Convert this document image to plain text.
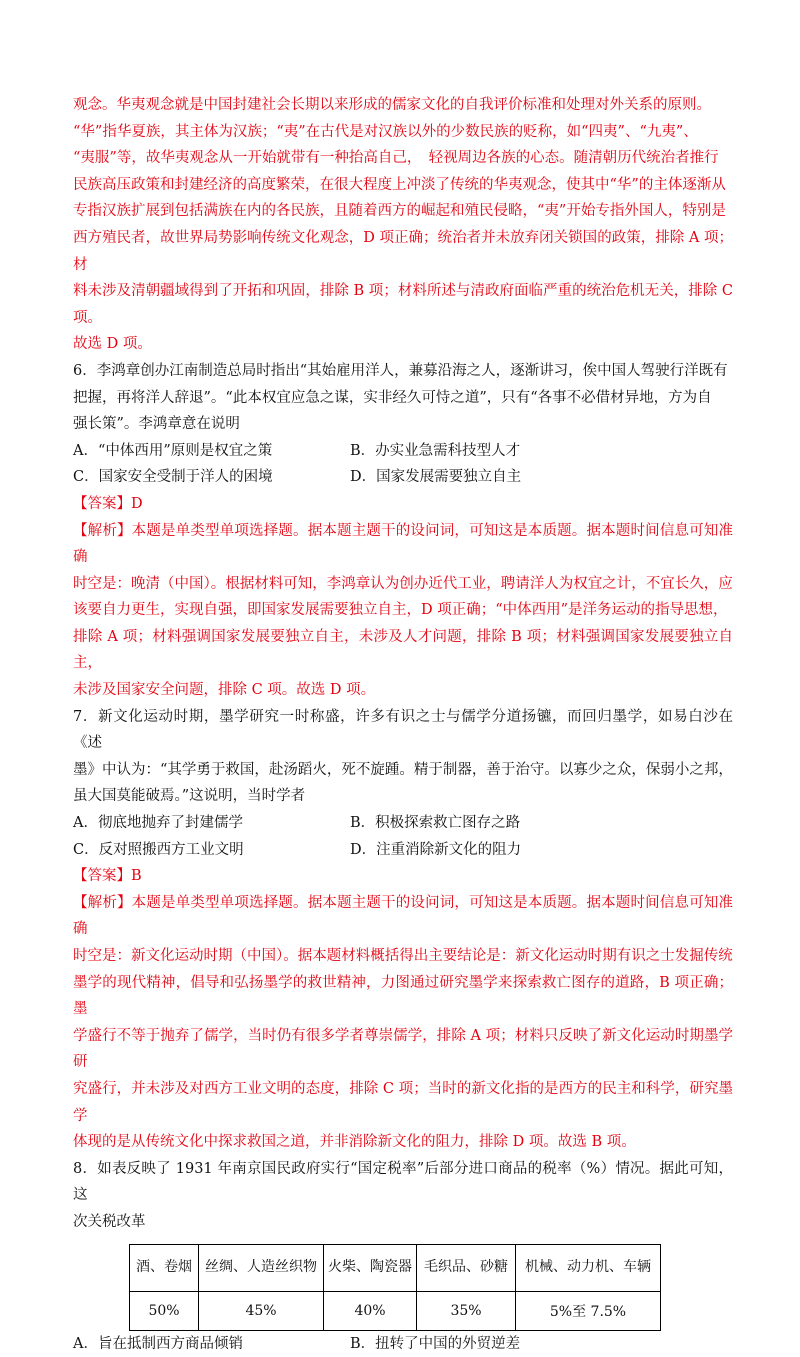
观念。华夷观念就是中国封建社会长期以来形成的儒家文化的自我评价标准和处理对外关系的原则。

“华”指华夏族，其主体为汉族；“夷”在古代是对汉族以外的少数民族的贬称，如“四夷”、“九夷”、

“夷服”等，故华夷观念从一开始就带有一种抬高自己，　轻视周边各族的心态。随清朝历代统治者推行

民族高压政策和封建经济的高度繁荣，在很大程度上冲淡了传统的华夷观念，使其中“华”的主体逐渐从

专指汉族扩展到包括满族在内的各民族，且随着西方的崛起和殖民侵略，“夷”开始专指外国人，特别是

西方殖民者，故世界局势影响传统文化观念，D 项正确；统治者并未放弃闭关锁国的政策，排除 A 项；材

料未涉及清朝疆域得到了开拓和巩固，排除 B 项；材料所述与清政府面临严重的统治危机无关，排除 C 项。

故选 D 项。

6．李鸿章创办江南制造总局时指出“其始雇用洋人，兼募沿海之人，逐渐讲习，俟中国人驾驶行洋既有

把握，再将洋人辞退”。“此本权宜应急之谋，实非经久可恃之道”，只有“各事不必借材异地，方为自

强长策”。李鸿章意在说明

A．“中体西用”原则是权宜之策	B．办实业急需科技型人才
C．国家安全受制于洋人的困境	D．国家发展需要独立自主

【答案】D

【解析】本题是单类型单项选择题。据本题主题干的设问词，可知这是本质题。据本题时间信息可知准确

时空是：晚清（中国）。根据材料可知，李鸿章认为创办近代工业，聘请洋人为权宜之计，不宜长久，应

该要自力更生，实现自强，即国家发展需要独立自主，D 项正确；“中体西用”是洋务运动的指导思想，

排除 A 项；材料强调国家发展要独立自主，未涉及人才问题，排除 B 项；材料强调国家发展要独立自主，

未涉及国家安全问题，排除 C 项。故选 D 项。

7．新文化运动时期，墨学研究一时称盛，许多有识之士与儒学分道扬镳，而回归墨学，如易白沙在《述

墨》中认为：“其学勇于救国，赴汤蹈火，死不旋踵。精于制器，善于治守。以寡少之众，保弱小之邦，

虽大国莫能破焉。”这说明，当时学者

A．彻底地抛弃了封建儒学	B．积极探索救亡图存之路
C．反对照搬西方工业文明	D．注重消除新文化的阻力

【答案】B

【解析】本题是单类型单项选择题。据本题主题干的设问词，可知这是本质题。据本题时间信息可知准确

时空是：新文化运动时期（中国）。据本题材料概括得出主要结论是：新文化运动时期有识之士发掘传统

墨学的现代精神，倡导和弘扬墨学的救世精神，力图通过研究墨学来探索救亡图存的道路，B 项正确；墨

学盛行不等于抛弃了儒学，当时仍有很多学者尊崇儒学，排除 A 项；材料只反映了新文化运动时期墨学研

究盛行，并未涉及对西方工业文明的态度，排除 C 项；当时的新文化指的是西方的民主和科学，研究墨学

体现的是从传统文化中探求救国之道，并非消除新文化的阻力，排除 D 项。故选 B 项。

8．如表反映了 1931 年南京国民政府实行“国定税率”后部分进口商品的税率（%）情况。据此可知，这

次关税改革

酒、卷烟	丝绸、人造丝织物	火柴、陶瓷器	毛织品、砂糖	机械、动力机、车辆
50%	45%	40%	35%	5%至 7.5%
A．旨在抵制西方商品倾销	B．扭转了中国的外贸逆差
